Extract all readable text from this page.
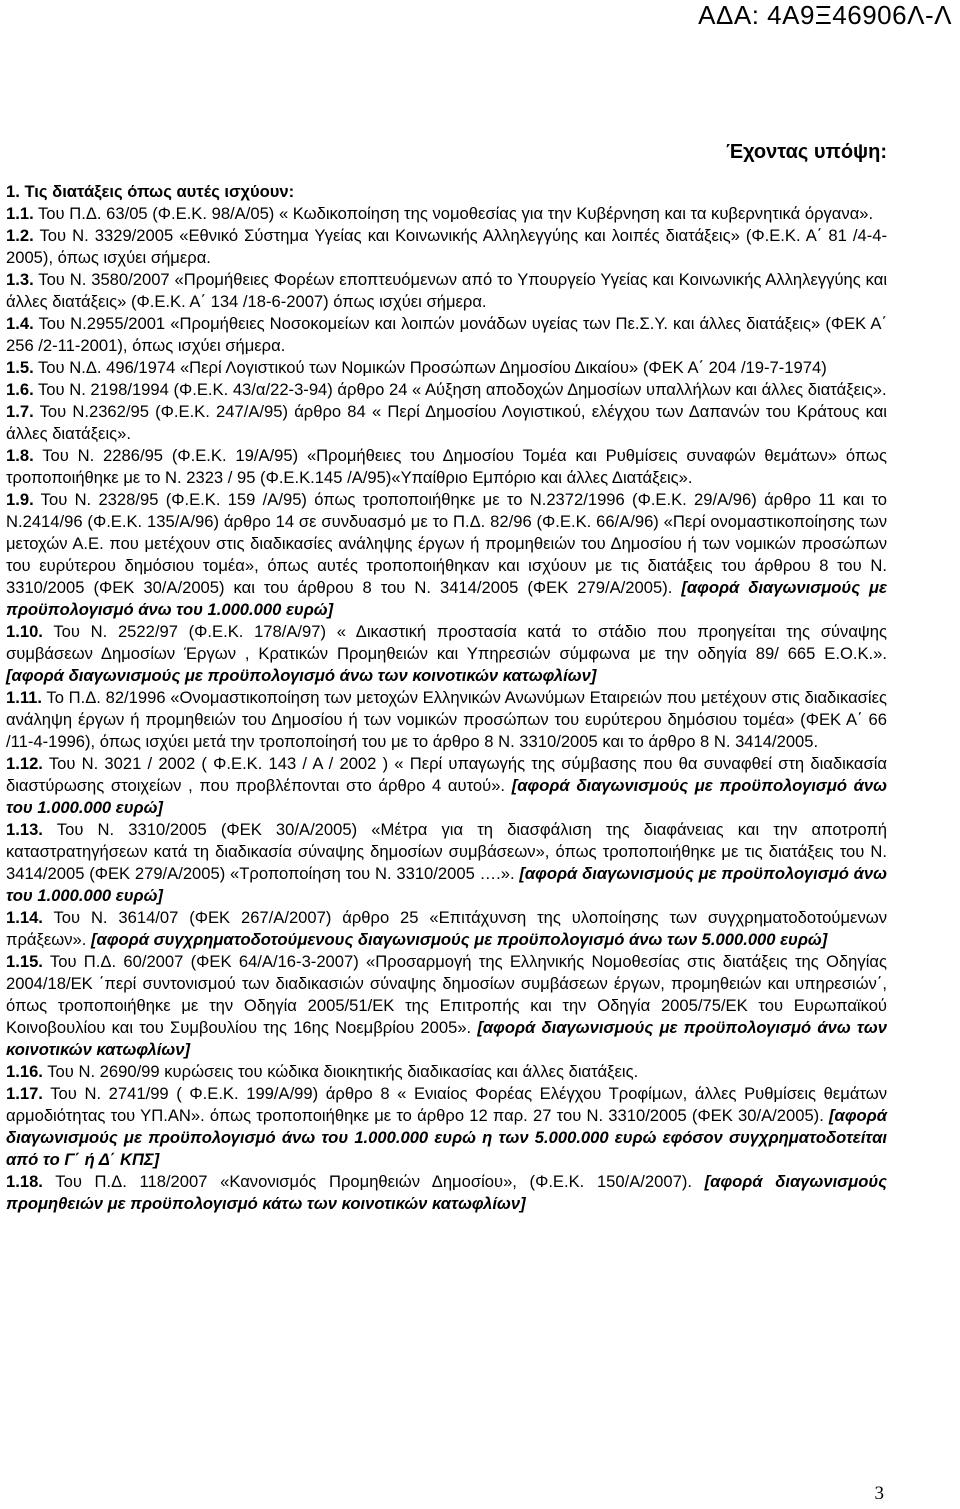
ΑΔΑ: 4Α9Ξ46906Λ-Λ
Έχοντας υπόψη:

1. Τις διατάξεις όπως αυτές ισχύουν:

1.1. Του Π.Δ. 63/05 (Φ.Ε.Κ. 98/Α/05) « Κωδικοποίηση της νομοθεσίας για την Κυβέρνηση και τα κυβερνητικά όργανα».

1.2. Του Ν. 3329/2005 «Εθνικό Σύστημα Υγείας και Κοινωνικής Αλληλεγγύης και λοιπές διατάξεις» (Φ.Ε.Κ. Α΄ 81 /4-4-2005), όπως ισχύει σήμερα.

1.3. Του Ν. 3580/2007 «Προμήθειες Φορέων εποπτευόμενων από το Υπουργείο Υγείας και Κοινωνικής Αλληλεγγύης και άλλες διατάξεις» (Φ.Ε.Κ. Α΄ 134 /18-6-2007) όπως ισχύει σήμερα.

1.4. Του Ν.2955/2001 «Προμήθειες Νοσοκομείων και λοιπών μονάδων υγείας των Πε.Σ.Υ. και άλλες διατάξεις» (ΦΕΚ Α΄ 256 /2-11-2001), όπως ισχύει σήμερα.

1.5. Του Ν.Δ. 496/1974 «Περί Λογιστικού των Νομικών Προσώπων Δημοσίου Δικαίου» (ΦΕΚ Α΄ 204 /19-7-1974)

1.6. Του Ν. 2198/1994 (Φ.Ε.Κ. 43/α/22-3-94) άρθρο 24 « Αύξηση αποδοχών Δημοσίων υπαλλήλων και άλλες διατάξεις».

1.7. Του Ν.2362/95 (Φ.Ε.Κ. 247/Α/95) άρθρο 84 « Περί Δημοσίου Λογιστικού, ελέγχου των Δαπανών του Κράτους και άλλες διατάξεις».

1.8. Του Ν. 2286/95 (Φ.Ε.Κ. 19/Α/95) «Προμήθειες του Δημοσίου Τομέα και Ρυθμίσεις συναφών θεμάτων» όπως τροποποιήθηκε με το Ν. 2323 / 95 (Φ.Ε.Κ.145 /Α/95)«Υπαίθριο Εμπόριο και άλλες Διατάξεις».

1.9. Του Ν. 2328/95 (Φ.Ε.Κ. 159 /Α/95) όπως τροποποιήθηκε με το Ν.2372/1996 (Φ.Ε.Κ. 29/Α/96) άρθρο 11 και το Ν.2414/96 (Φ.Ε.Κ. 135/Α/96) άρθρο 14 σε συνδυασμό με το Π.Δ. 82/96 (Φ.Ε.Κ. 66/Α/96) «Περί ονομαστικοποίησης των μετοχών Α.Ε. που μετέχουν στις διαδικασίες ανάληψης έργων ή προμηθειών του Δημοσίου ή των νομικών προσώπων του ευρύτερου δημόσιου τομέα», όπως αυτές τροποποιήθηκαν και ισχύουν με τις διατάξεις του άρθρου 8 του Ν. 3310/2005 (ΦΕΚ 30/Α/2005) και του άρθρου 8 του Ν. 3414/2005 (ΦΕΚ 279/Α/2005). [αφορά διαγωνισμούς με προϋπολογισμό άνω του 1.000.000 ευρώ]

1.10. Του Ν. 2522/97 (Φ.Ε.Κ. 178/Α/97) « Δικαστική προστασία κατά το στάδιο που προηγείται της σύναψης συμβάσεων Δημοσίων Έργων , Κρατικών Προμηθειών και Υπηρεσιών σύμφωνα με την οδηγία 89/ 665 Ε.Ο.Κ.». [αφορά διαγωνισμούς με προϋπολογισμό άνω των κοινοτικών κατωφλίων]

1.11. Το Π.Δ. 82/1996 «Ονομαστικοποίηση των μετοχών Ελληνικών Ανωνύμων Εταιρειών που μετέχουν στις διαδικασίες ανάληψη έργων ή προμηθειών του Δημοσίου ή των νομικών προσώπων του ευρύτερου δημόσιου τομέα» (ΦΕΚ Α΄ 66 /11-4-1996), όπως ισχύει μετά την τροποποίησή του με το άρθρο 8 Ν. 3310/2005 και το άρθρο 8 Ν. 3414/2005.

1.12. Του Ν. 3021 / 2002 ( Φ.Ε.Κ. 143 / Α / 2002 ) « Περί υπαγωγής της σύμβασης που θα συναφθεί στη διαδικασία διαστύρωσης στοιχείων , που προβλέπονται στο άρθρο 4 αυτού». [αφορά διαγωνισμούς με προϋπολογισμό άνω του 1.000.000 ευρώ]

1.13. Του Ν. 3310/2005 (ΦΕΚ 30/Α/2005) «Μέτρα για τη διασφάλιση της διαφάνειας και την αποτροπή καταστρατηγήσεων κατά τη διαδικασία σύναψης δημοσίων συμβάσεων», όπως τροποποιήθηκε με τις διατάξεις του Ν. 3414/2005 (ΦΕΚ 279/Α/2005) «Τροποποίηση του Ν. 3310/2005 ….». [αφορά διαγωνισμούς με προϋπολογισμό άνω του 1.000.000 ευρώ]

1.14. Του Ν. 3614/07 (ΦΕΚ 267/Α/2007) άρθρο 25 «Επιτάχυνση της υλοποίησης των συγχρηματοδοτούμενων πράξεων». [αφορά συγχρηματοδοτούμενους διαγωνισμούς με προϋπολογισμό άνω των 5.000.000 ευρώ]

1.15. Του Π.Δ. 60/2007 (ΦΕΚ 64/Α/16-3-2007) «Προσαρμογή της Ελληνικής Νομοθεσίας στις διατάξεις της Οδηγίας 2004/18/ΕΚ ΄περί συντονισμού των διαδικασιών σύναψης δημοσίων συμβάσεων έργων, προμηθειών και υπηρεσιών΄, όπως τροποποιήθηκε με την Οδηγία 2005/51/ΕΚ της Επιτροπής και την Οδηγία 2005/75/ΕΚ του Ευρωπαϊκού Κοινοβουλίου και του Συμβουλίου της 16ης Νοεμβρίου 2005». [αφορά διαγωνισμούς με προϋπολογισμό άνω των κοινοτικών κατωφλίων]

1.16. Του Ν. 2690/99 κυρώσεις του κώδικα διοικητικής διαδικασίας και άλλες διατάξεις.

1.17. Του Ν. 2741/99 ( Φ.Ε.Κ. 199/Α/99) άρθρο 8 « Ενιαίος Φορέας Ελέγχου Τροφίμων, άλλες Ρυθμίσεις θεμάτων αρμοδιότητας του ΥΠ.ΑΝ». όπως τροποποιήθηκε με το άρθρο 12 παρ. 27 του Ν. 3310/2005 (ΦΕΚ 30/Α/2005). [αφορά διαγωνισμούς με προϋπολογισμό άνω του 1.000.000 ευρώ η των 5.000.000 ευρώ εφόσον συγχρηματοδοτείται από το Γ΄ ή Δ΄ ΚΠΣ]

1.18. Του Π.Δ. 118/2007 «Κανονισμός Προμηθειών Δημοσίου», (Φ.Ε.Κ. 150/Α/2007). [αφορά διαγωνισμούς προμηθειών με προϋπολογισμό κάτω των κοινοτικών κατωφλίων]

3
